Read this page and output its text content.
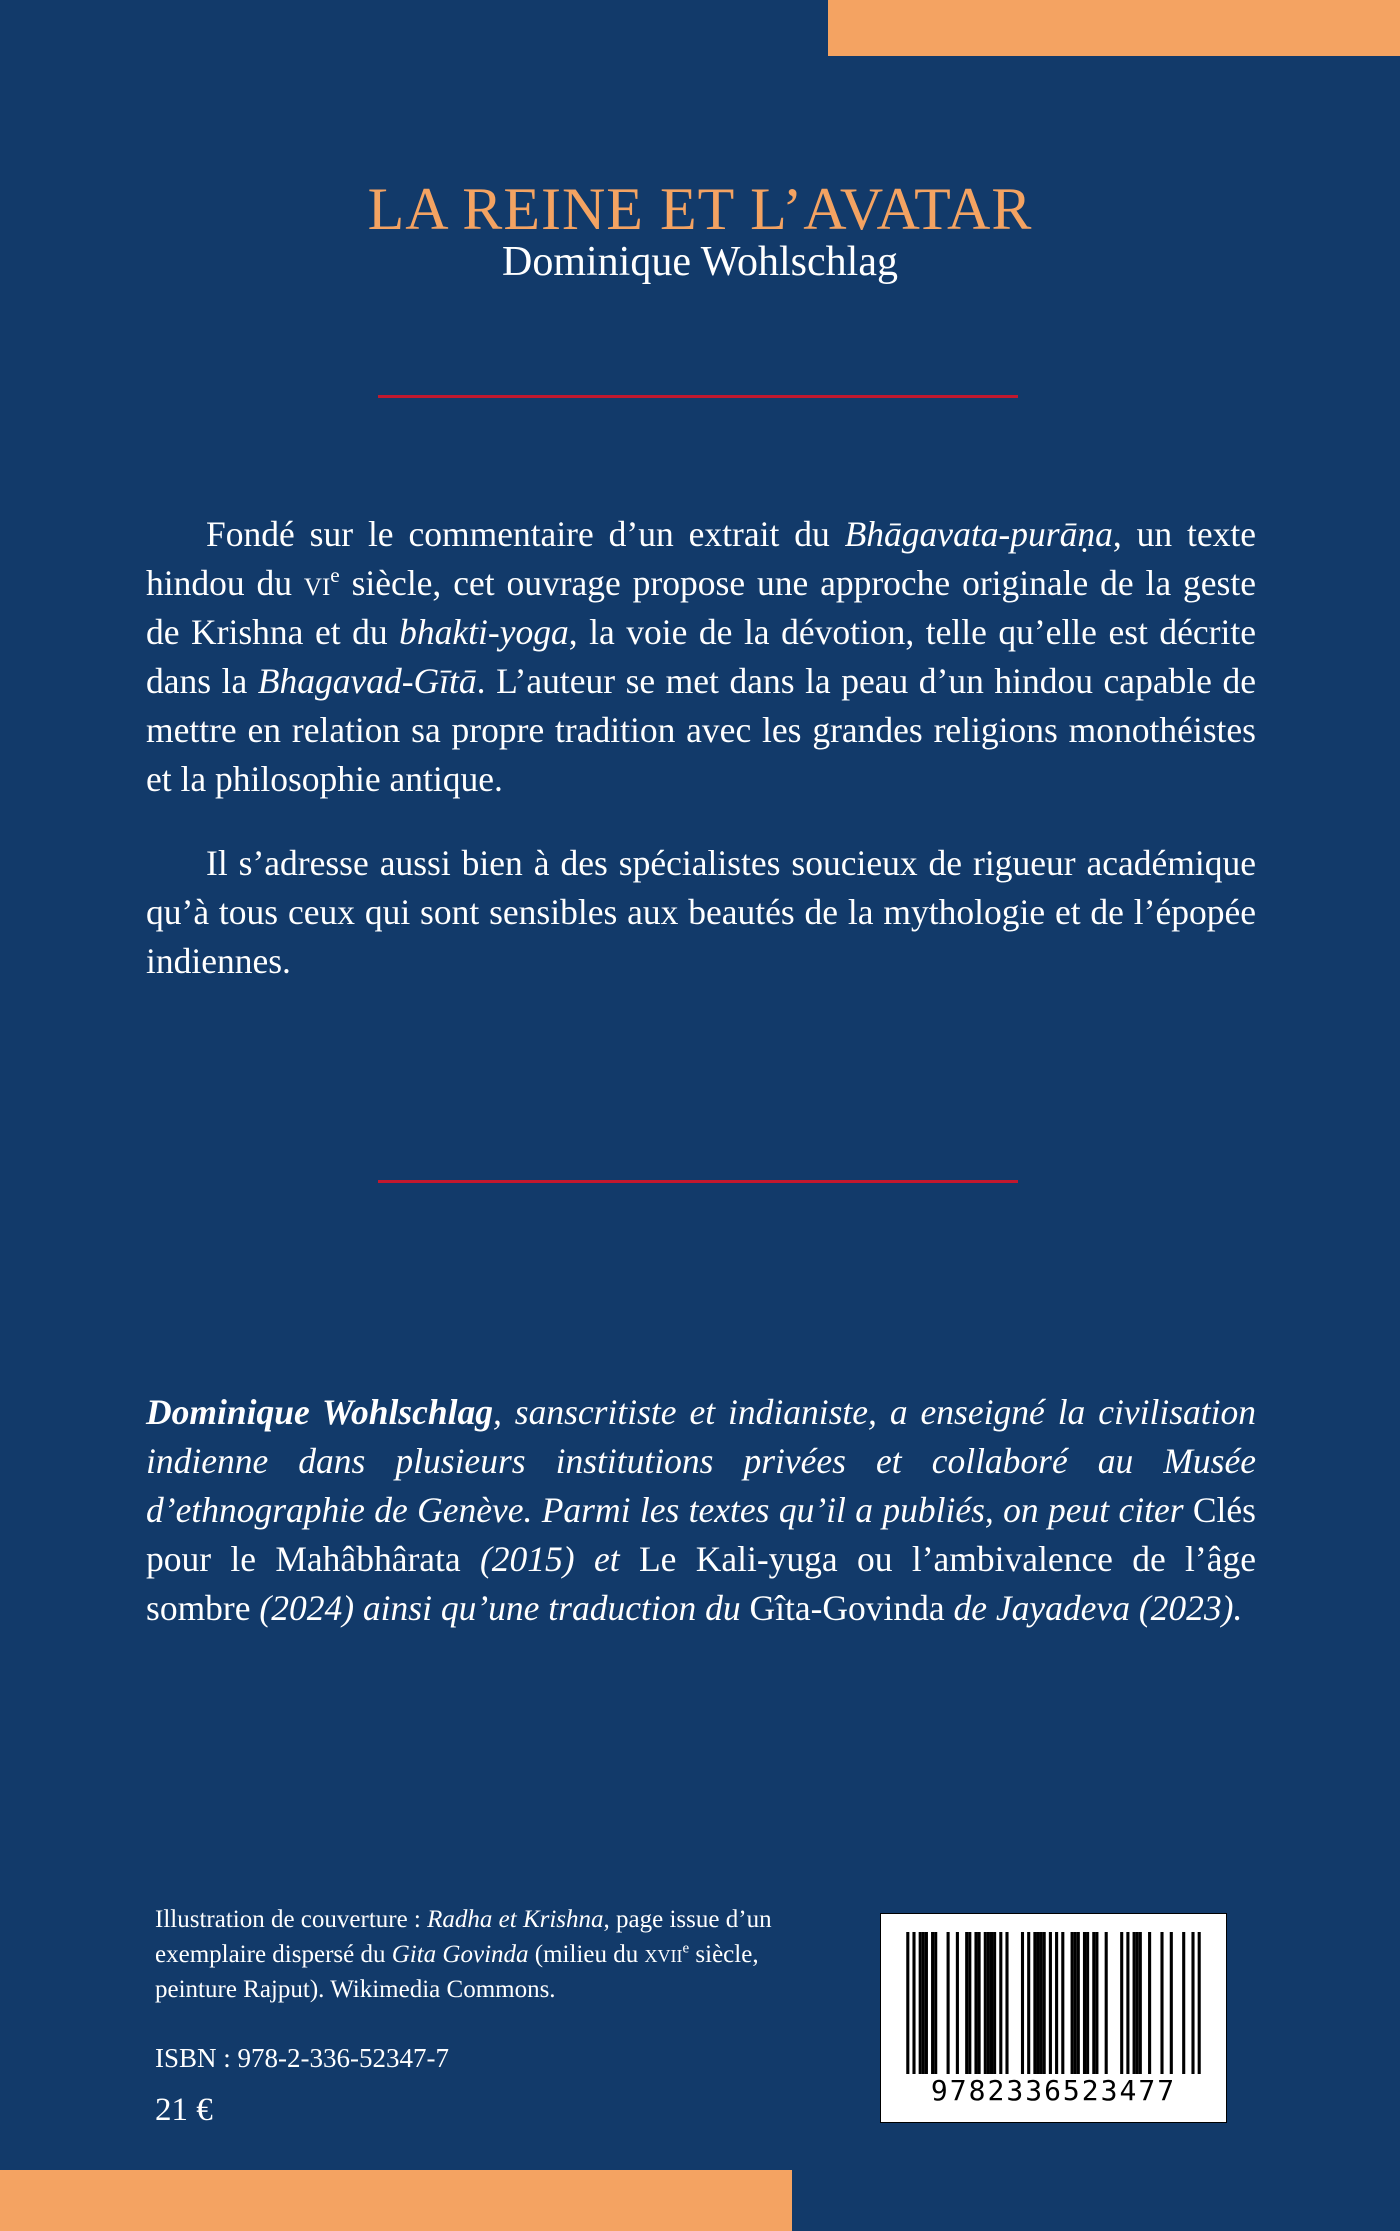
LA REINE ET L’AVATAR
Dominique Wohlschlag

Fondé sur le commentaire d’un extrait du Bhāgavata-purāṇa, un texte hindou du $vi^e$ siècle, cet ouvrage propose une approche originale de la geste de Krishna et du bhakti-yoga, la voie de la dévotion, telle qu’elle est décrite dans la Bhagavad-Gītā. L’auteur se met dans la peau d’un hindou capable de mettre en relation sa propre tradition avec les grandes religions monothéistes et la philosophie antique.

Il s’adresse aussi bien à des spécialistes soucieux de rigueur académique qu’à tous ceux qui sont sensibles aux beautés de la mythologie et de l’épopée indiennes.

Dominique Wohlschlag, sanscritiste et indianiste, a enseigné la civilisation indienne dans plusieurs institutions privées et collaboré au Musée d’ethnographie de Genève. Parmi les textes qu’il a publiés, on peut citer Clés pour le Mahâbhârata (2015) et Le Kali-yuga ou l’ambivalence de l’âge sombre (2024) ainsi qu’une traduction du Gîta-Govinda de Jayadeva (2023).
Illustration de couverture : Radha et Krishna, page issue d’un exemplaire dispersé du Gita Govinda (milieu du xvii$^e$ siècle, peinture Rajput). Wikimedia Commons.
ISBN : 978-2-336-52347-7
21 €
9782336523477
